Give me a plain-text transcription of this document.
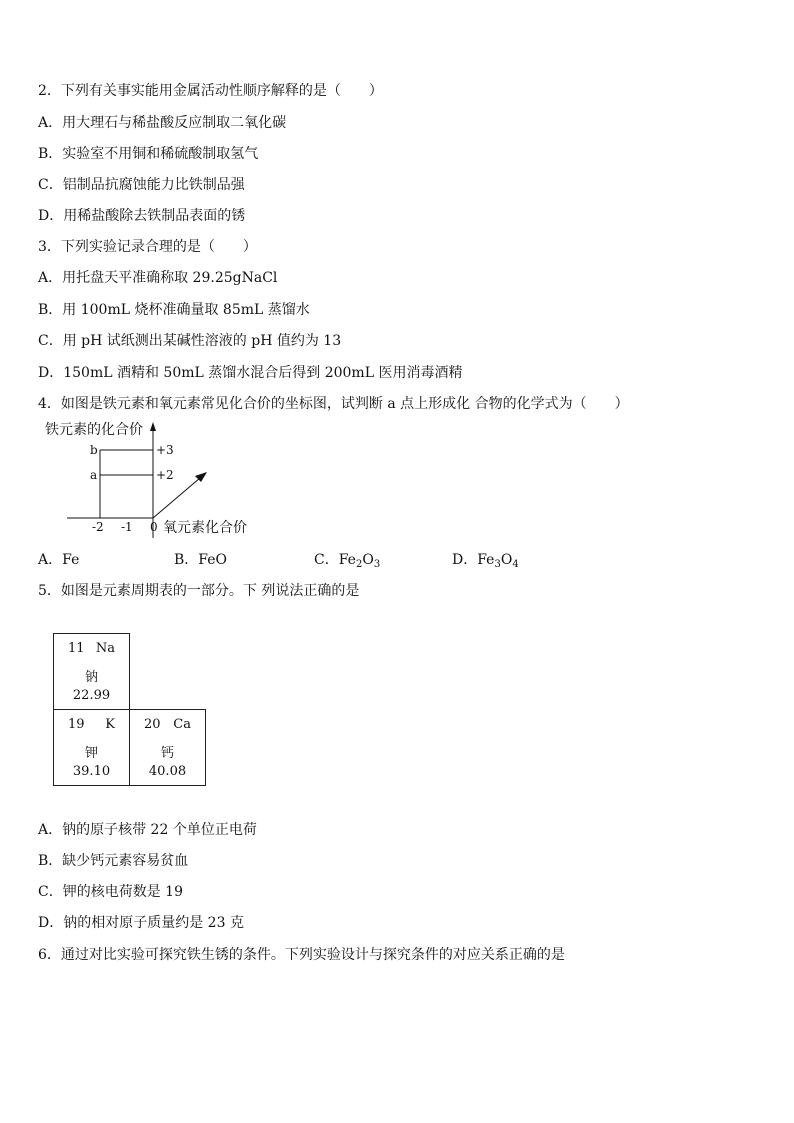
2．下列有关事实能用金属活动性顺序解释的是（　　）
A．用大理石与稀盐酸反应制取二氧化碳
B．实验室不用铜和稀硫酸制取氢气
C．铝制品抗腐蚀能力比铁制品强
D．用稀盐酸除去铁制品表面的锈
3．下列实验记录合理的是（　　）
A．用托盘天平准确称取 29.25gNaCl
B．用 100mL 烧杯准确量取 85mL 蒸馏水
C．用 pH 试纸测出某碱性溶液的 pH 值约为 13
D．150mL 酒精和 50mL 蒸馏水混合后得到 200mL 医用消毒酒精
4．如图是铁元素和氧元素常见化合价的坐标图，试判断 a 点上形成化 合物的化学式为（　　）
铁元素的化合价
b
a
+3
+2
-2 -1 0 氧元素化合价
A．Fe	B．FeO	C．$Fe_2O_3$	D．$Fe_3O_4$
5．如图是元素周期表的一部分。下 列说法正确的是
11 Na
钠
22.99
19 K
钾
39.10
20 Ca
钙
40.08
A．钠的原子核带 22 个单位正电荷
B．缺少钙元素容易贫血
C．钾的核电荷数是 19
D．钠的相对原子质量约是 23 克
6．通过对比实验可探究铁生锈的条件。下列实验设计与探究条件的对应关系正确的是
